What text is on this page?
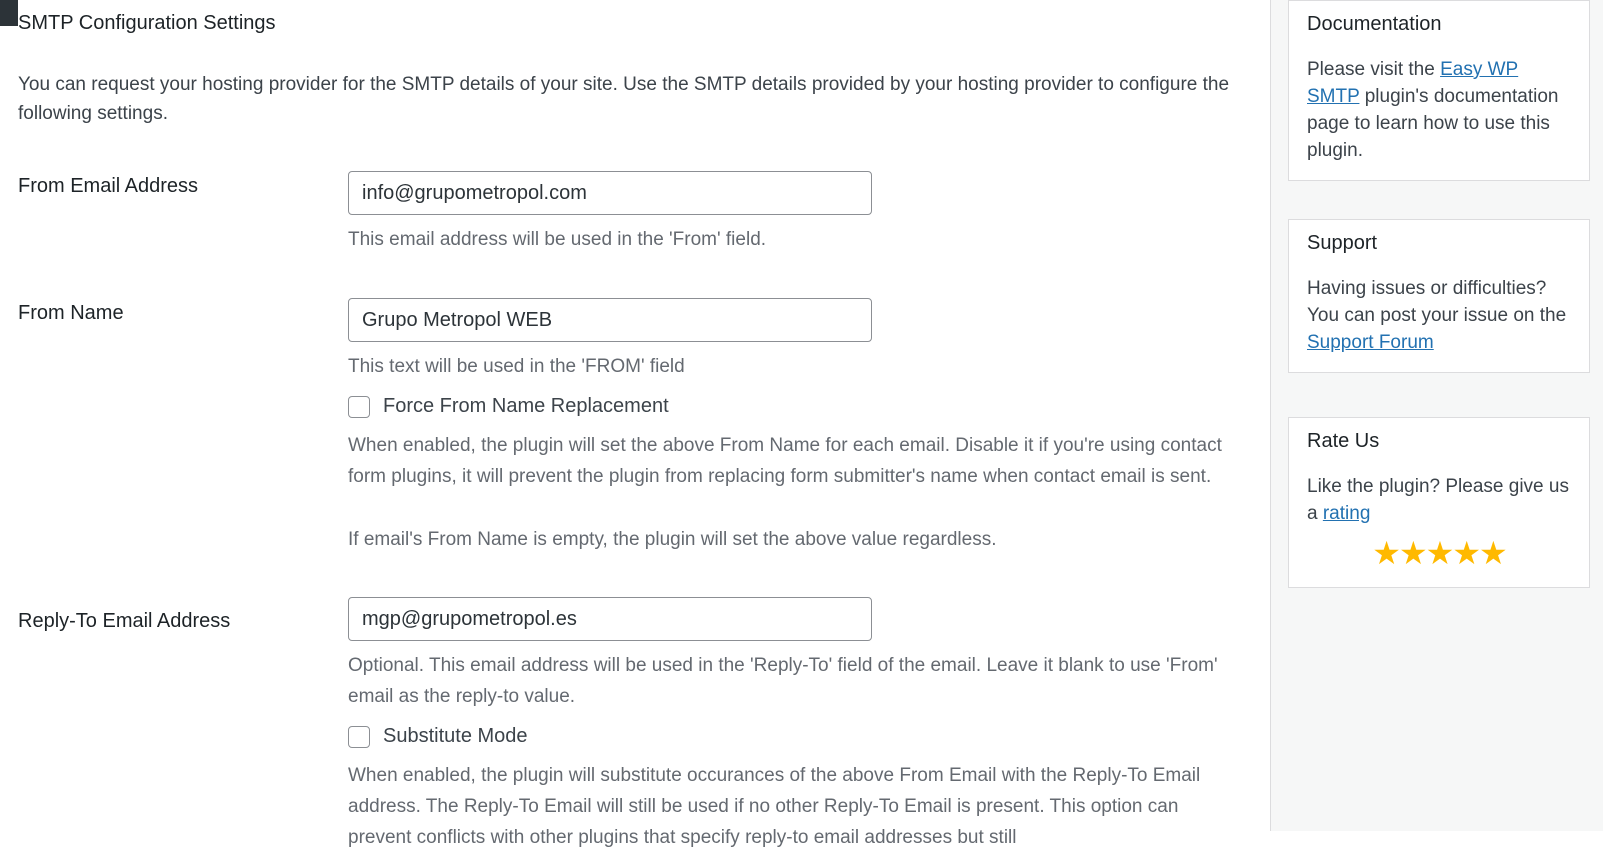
SMTP Configuration Settings

You can request your hosting provider for the SMTP details of your site. Use the SMTP details provided by your hosting provider to configure the following settings.

From Email Address
info@grupometropol.com

This email address will be used in the 'From' field.

From Name
Grupo Metropol WEB

This text will be used in the 'FROM' field

Force From Name Replacement

When enabled, the plugin will set the above From Name for each email. Disable it if you're using contact form plugins, it will prevent the plugin from replacing form submitter's name when contact email is sent.

If email's From Name is empty, the plugin will set the above value regardless.

Reply-To Email Address
mgp@grupometropol.es

Optional. This email address will be used in the 'Reply-To' field of the email. Leave it blank to use 'From' email as the reply-to value.

Substitute Mode

When enabled, the plugin will substitute occurances of the above From Email with the Reply-To Email address. The Reply-To Email will still be used if no other Reply-To Email is present. This option can prevent conflicts with other plugins that specify reply-to email addresses but still

Documentation

Please visit the Easy WP SMTP plugin's documentation page to learn how to use this plugin.

Support

Having issues or difficulties? You can post your issue on the Support Forum

Rate Us

Like the plugin? Please give us a rating

★★★★★
